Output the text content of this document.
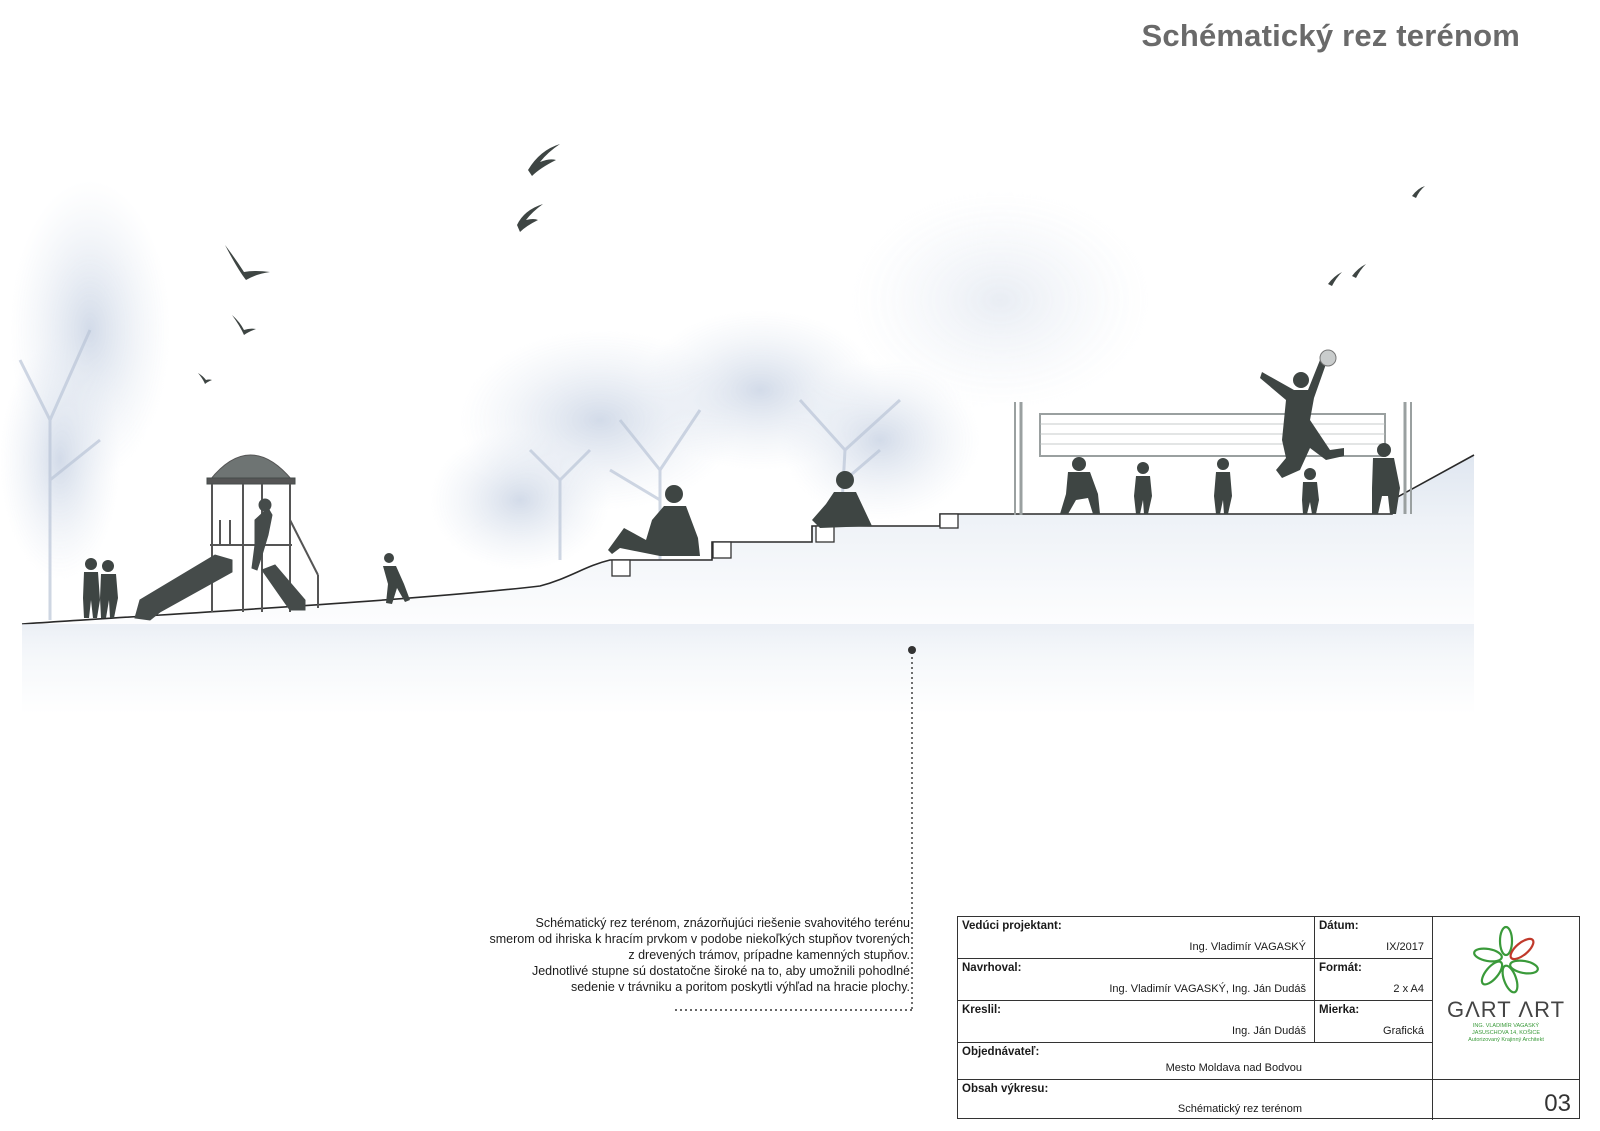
Schématický rez terénom
Schématický rez terénom, znázorňujúci riešenie svahovitého terénu
smerom od ihriska k hracím prvkom v podobe niekoľkých stupňov tvorených
z drevených trámov, prípadne kamenných stupňov.
Jednotlivé stupne sú dostatočne široké na to, aby umožnili pohodlné
sedenie v trávniku a poritom poskytli výhľad na hracie plochy.
Vedúci projektant:
Ing. Vladimír VAGASKÝ
Dátum:
IX/2017
GΛRT ΛRT
ING. VLADIMÍR VAGASKÝ
JASUSCHOVA 14, KOŠICE
Autorizovaný Krajinný Architekt
Navrhoval:
Ing. Vladimír VAGASKÝ, Ing. Ján Dudáš
Formát:
2 x A4
Kreslil:
Ing. Ján Dudáš
Mierka:
Grafická
Objednávateľ:
Mesto Moldava nad Bodvou
Obsah výkresu:
Schématický rez terénom	03
